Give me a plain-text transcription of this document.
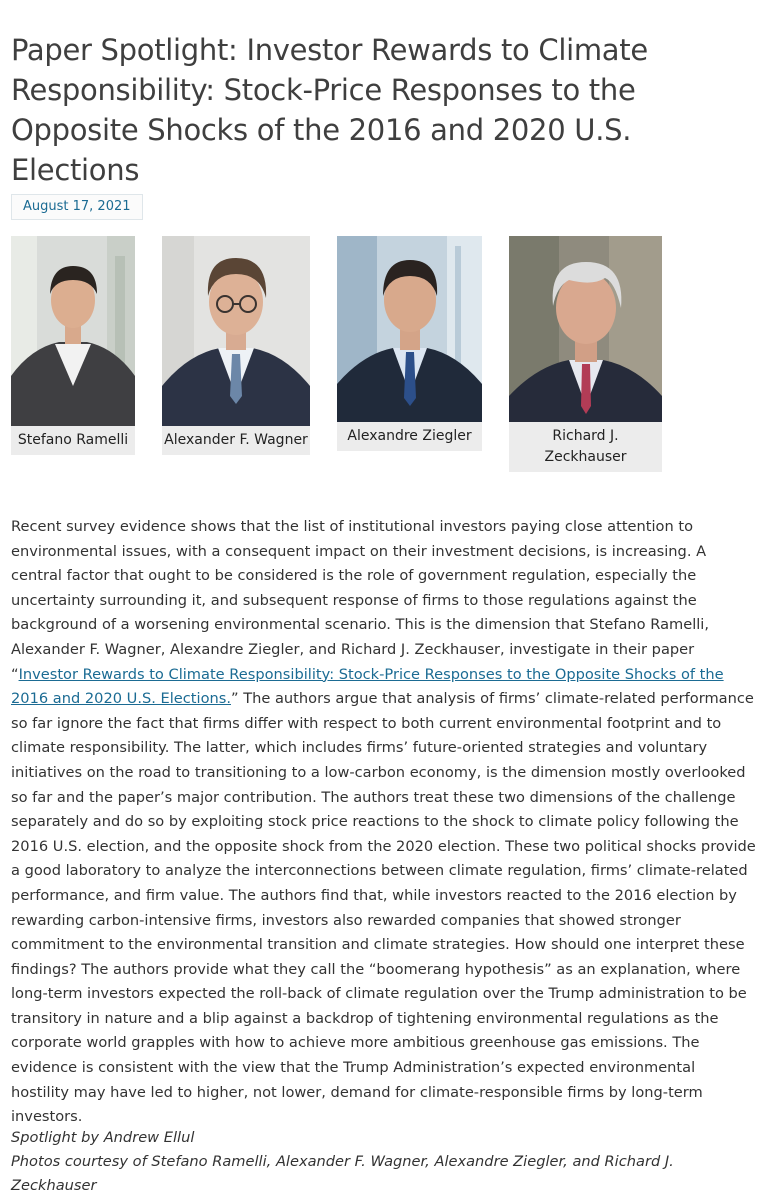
Paper Spotlight: Investor Rewards to Climate Responsibility: Stock-Price Responses to the Opposite Shocks of the 2016 and 2020 U.S. Elections
August 17, 2021
Stefano Ramelli	Alexander F. Wagner	Alexandre Ziegler	Richard J. Zeckhauser

Recent survey evidence shows that the list of institutional investors paying close attention to environmental issues, with a consequent impact on their investment decisions, is increasing. A central factor that ought to be considered is the role of government regulation, especially the uncertainty surrounding it, and subsequent response of firms to those regulations against the background of a worsening environmental scenario. This is the dimension that Stefano Ramelli, Alexander F. Wagner, Alexandre Ziegler, and Richard J. Zeckhauser, investigate in their paper “Investor Rewards to Climate Responsibility: Stock-Price Responses to the Opposite Shocks of the 2016 and 2020 U.S. Elections.” The authors argue that analysis of firms’ climate-related performance so far ignore the fact that firms differ with respect to both current environmental footprint and to climate responsibility. The latter, which includes firms’ future-oriented strategies and voluntary initiatives on the road to transitioning to a low-carbon economy, is the dimension mostly overlooked so far and the paper’s major contribution. The authors treat these two dimensions of the challenge separately and do so by exploiting stock price reactions to the shock to climate policy following the 2016 U.S. election, and the opposite shock from the 2020 election. These two political shocks provide a good laboratory to analyze the interconnections between climate regulation, firms’ climate-related performance, and firm value. The authors find that, while investors reacted to the 2016 election by rewarding carbon-intensive firms, investors also rewarded companies that showed stronger commitment to the environmental transition and climate strategies. How should one interpret these findings? The authors provide what they call the “boomerang hypothesis” as an explanation, where long-term investors expected the roll-back of climate regulation over the Trump administration to be transitory in nature and a blip against a backdrop of tightening environmental regulations as the corporate world grapples with how to achieve more ambitious greenhouse gas emissions. The evidence is consistent with the view that the Trump Administration’s expected environmental hostility may have led to higher, not lower, demand for climate-responsible firms by long-term investors.

Spotlight by Andrew Ellul
Photos courtesy of Stefano Ramelli, Alexander F. Wagner, Alexandre Ziegler, and Richard J. Zeckhauser
